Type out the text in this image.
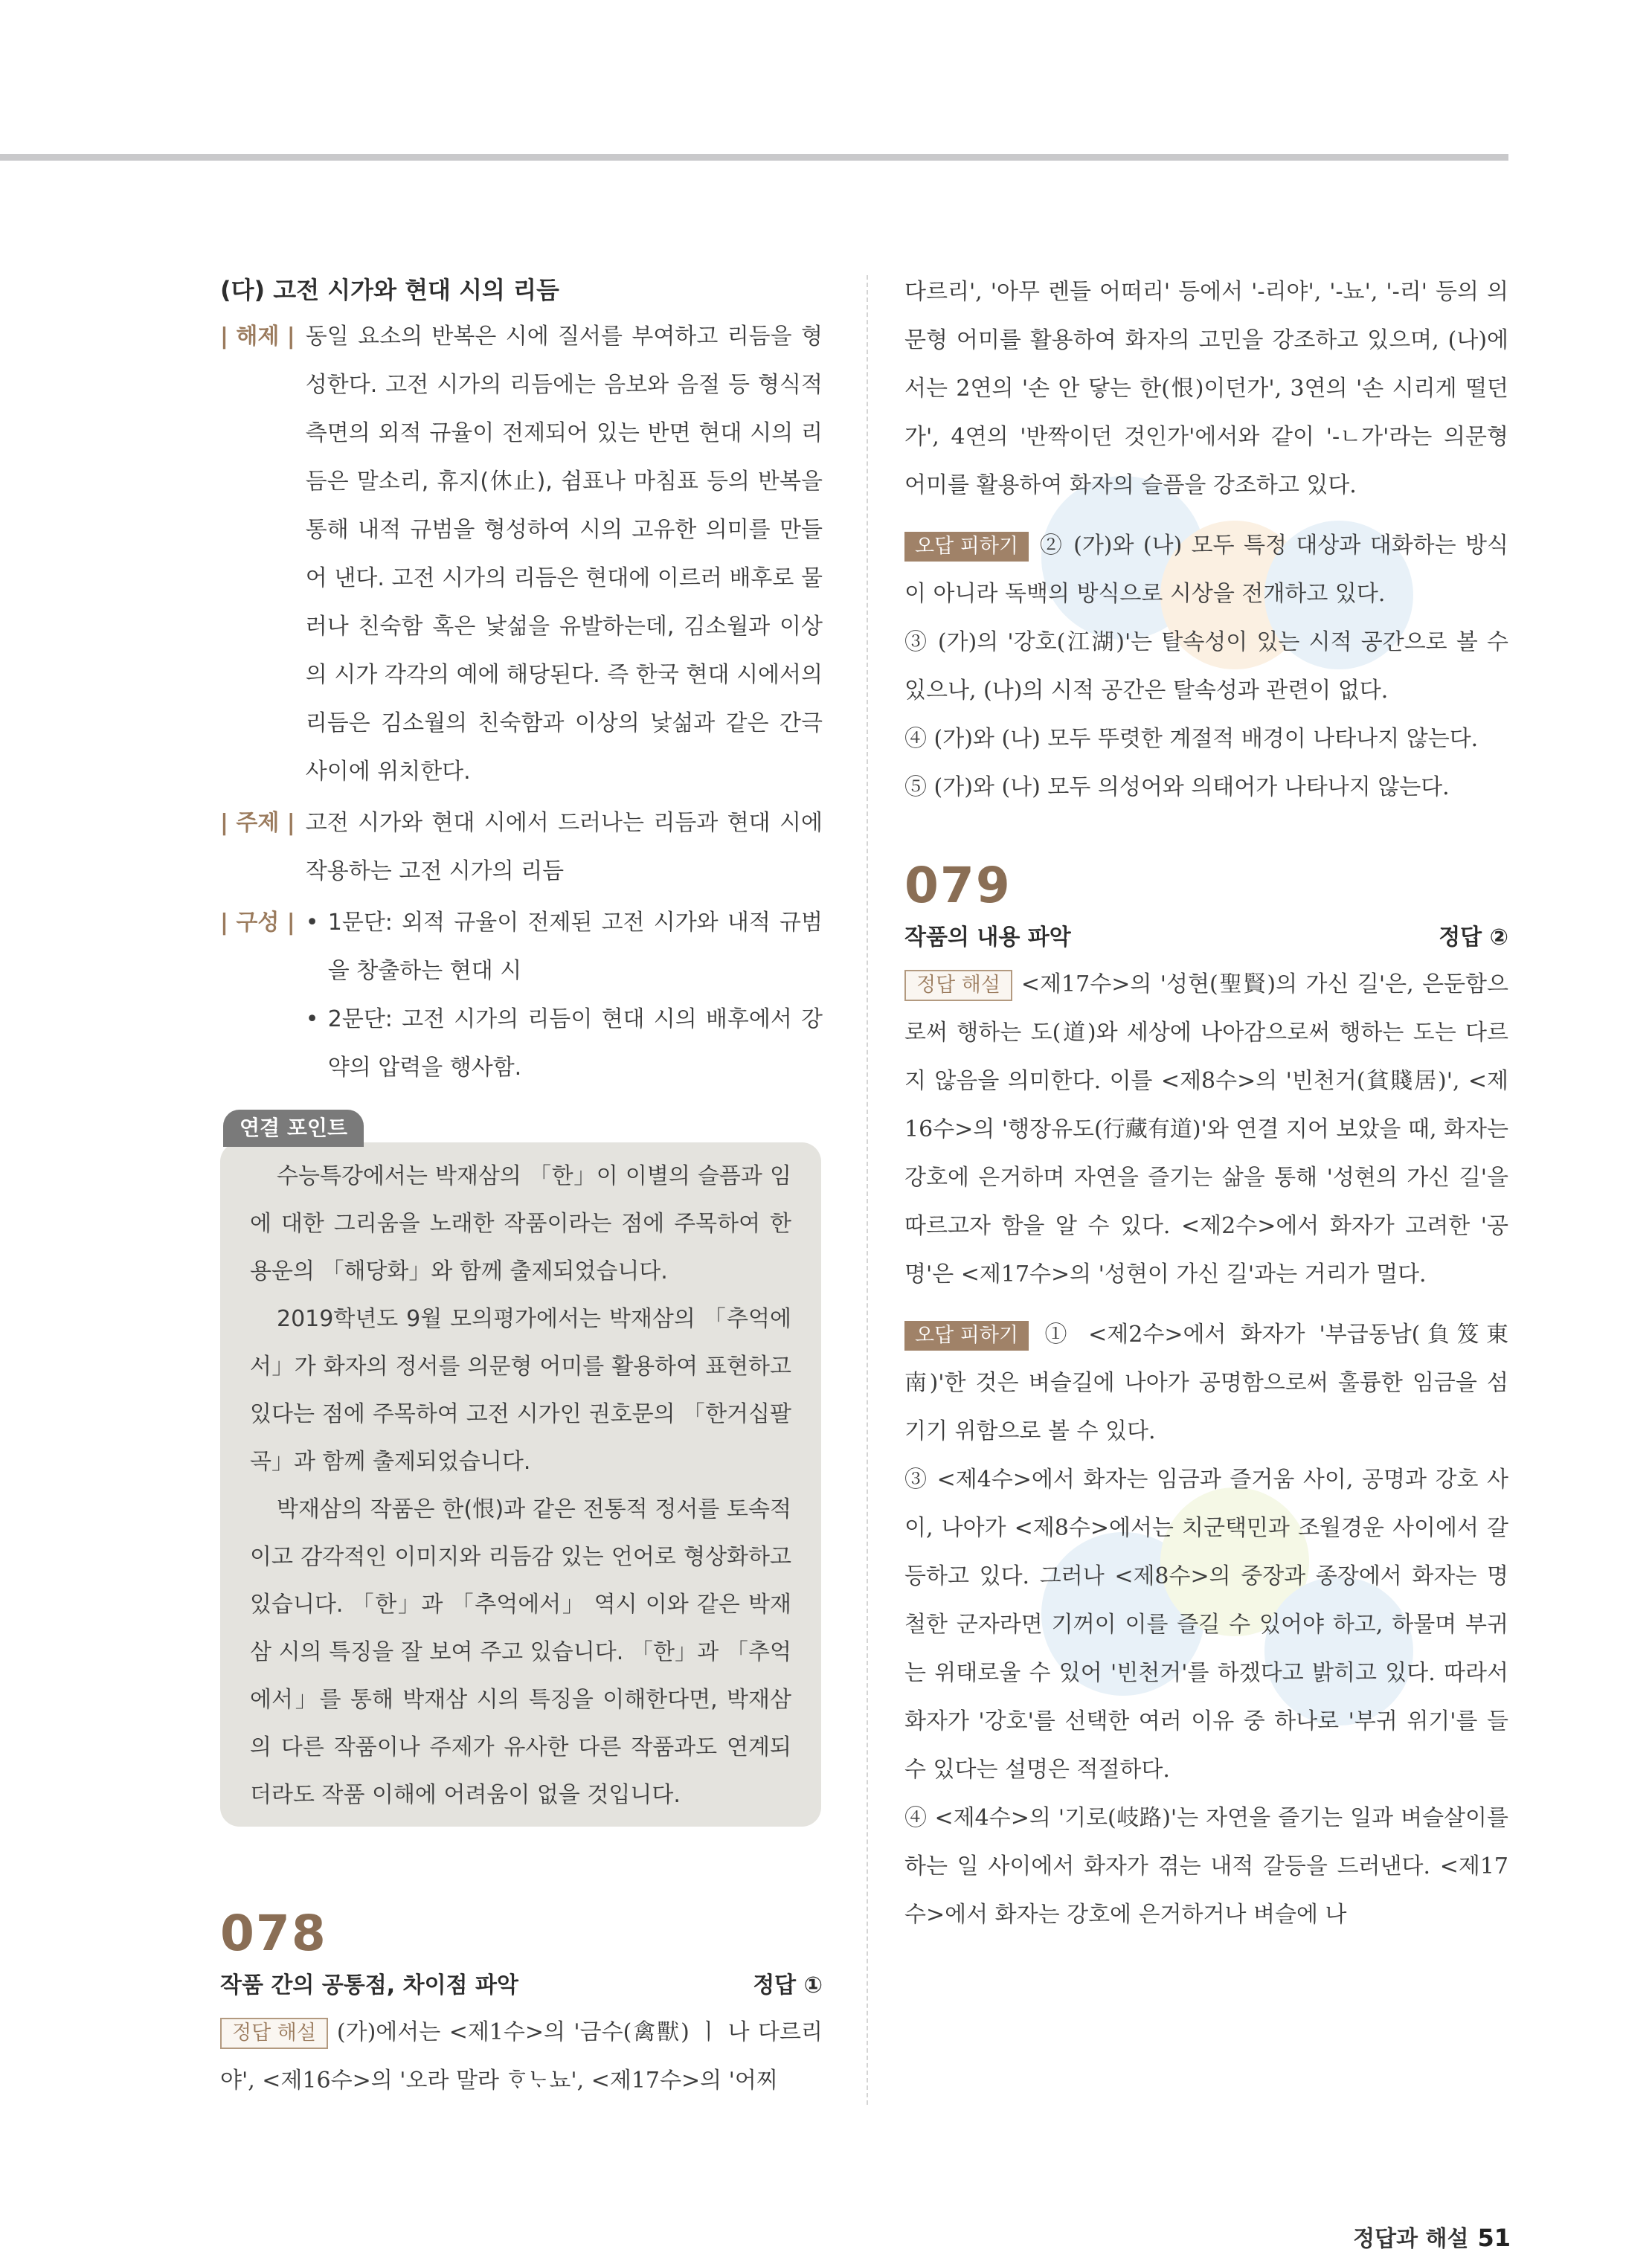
(다) 고전 시가와 현대 시의 리듬
| 해제 | 동일 요소의 반복은 시에 질서를 부여하고 리듬을 형성한다. 고전 시가의 리듬에는 음보와 음절 등 형식적 측면의 외적 규율이 전제되어 있는 반면 현대 시의 리듬은 말소리, 휴지(休止), 쉼표나 마침표 등의 반복을 통해 내적 규범을 형성하여 시의 고유한 의미를 만들어 낸다. 고전 시가의 리듬은 현대에 이르러 배후로 물러나 친숙함 혹은 낯섦을 유발하는데, 김소월과 이상의 시가 각각의 예에 해당된다. 즉 한국 현대 시에서의 리듬은 김소월의 친숙함과 이상의 낯섦과 같은 간극 사이에 위치한다.

| 주제 | 고전 시가와 현대 시에서 드러나는 리듬과 현대 시에 작용하는 고전 시가의 리듬

| 구성 | • 1문단: 외적 규율이 전제된 고전 시가와 내적 규범을 창출하는 현대 시

• 2문단: 고전 시가의 리듬이 현대 시의 배후에서 강약의 압력을 행사함.

연결 포인트

수능특강에서는 박재삼의 「한」이 이별의 슬픔과 임에 대한 그리움을 노래한 작품이라는 점에 주목하여 한용운의 「해당화」와 함께 출제되었습니다.

2019학년도 9월 모의평가에서는 박재삼의 「추억에서」가 화자의 정서를 의문형 어미를 활용하여 표현하고 있다는 점에 주목하여 고전 시가인 권호문의 「한거십팔곡」과 함께 출제되었습니다.

박재삼의 작품은 한(恨)과 같은 전통적 정서를 토속적이고 감각적인 이미지와 리듬감 있는 언어로 형상화하고 있습니다. 「한」과 「추억에서」 역시 이와 같은 박재삼 시의 특징을 잘 보여 주고 있습니다. 「한」과 「추억에서」를 통해 박재삼 시의 특징을 이해한다면, 박재삼의 다른 작품이나 주제가 유사한 다른 작품과도 연계되더라도 작품 이해에 어려움이 없을 것입니다.

078
작품 간의 공통점, 차이점 파악	정답 ①

정답 해설 (가)에서는 <제1수>의 '금수(禽獸) ㅣ 나 다르리야', <제16수>의 '오라 말라 ᄒᆞᄂᆞ뇨', <제17수>의 '어찌

다르리', '아무 렌들 어떠리' 등에서 '-리야', '-뇨', '-리' 등의 의문형 어미를 활용하여 화자의 고민을 강조하고 있으며, (나)에서는 2연의 '손 안 닿는 한(恨)이던가', 3연의 '손 시리게 떨던가', 4연의 '반짝이던 것인가'에서와 같이 '-ㄴ가'라는 의문형 어미를 활용하여 화자의 슬픔을 강조하고 있다.

오답 피하기 ② (가)와 (나) 모두 특정 대상과 대화하는 방식이 아니라 독백의 방식으로 시상을 전개하고 있다.

③ (가)의 '강호(江湖)'는 탈속성이 있는 시적 공간으로 볼 수 있으나, (나)의 시적 공간은 탈속성과 관련이 없다.

④ (가)와 (나) 모두 뚜렷한 계절적 배경이 나타나지 않는다.

⑤ (가)와 (나) 모두 의성어와 의태어가 나타나지 않는다.

079
작품의 내용 파악	정답 ②

정답 해설 <제17수>의 '성현(聖賢)의 가신 길'은, 은둔함으로써 행하는 도(道)와 세상에 나아감으로써 행하는 도는 다르지 않음을 의미한다. 이를 <제8수>의 '빈천거(貧賤居)', <제16수>의 '행장유도(行藏有道)'와 연결 지어 보았을 때, 화자는 강호에 은거하며 자연을 즐기는 삶을 통해 '성현의 가신 길'을 따르고자 함을 알 수 있다. <제2수>에서 화자가 고려한 '공명'은 <제17수>의 '성현이 가신 길'과는 거리가 멀다.

오답 피하기 ① <제2수>에서 화자가 '부급동남(負笈東南)'한 것은 벼슬길에 나아가 공명함으로써 훌륭한 임금을 섬기기 위함으로 볼 수 있다.

③ <제4수>에서 화자는 임금과 즐거움 사이, 공명과 강호 사이, 나아가 <제8수>에서는 치군택민과 조월경운 사이에서 갈등하고 있다. 그러나 <제8수>의 중장과 종장에서 화자는 명철한 군자라면 기꺼이 이를 즐길 수 있어야 하고, 하물며 부귀는 위태로울 수 있어 '빈천거'를 하겠다고 밝히고 있다. 따라서 화자가 '강호'를 선택한 여러 이유 중 하나로 '부귀 위기'를 들 수 있다는 설명은 적절하다.

④ <제4수>의 '기로(岐路)'는 자연을 즐기는 일과 벼슬살이를 하는 일 사이에서 화자가 겪는 내적 갈등을 드러낸다. <제17수>에서 화자는 강호에 은거하거나 벼슬에 나

정답과 해설 51
